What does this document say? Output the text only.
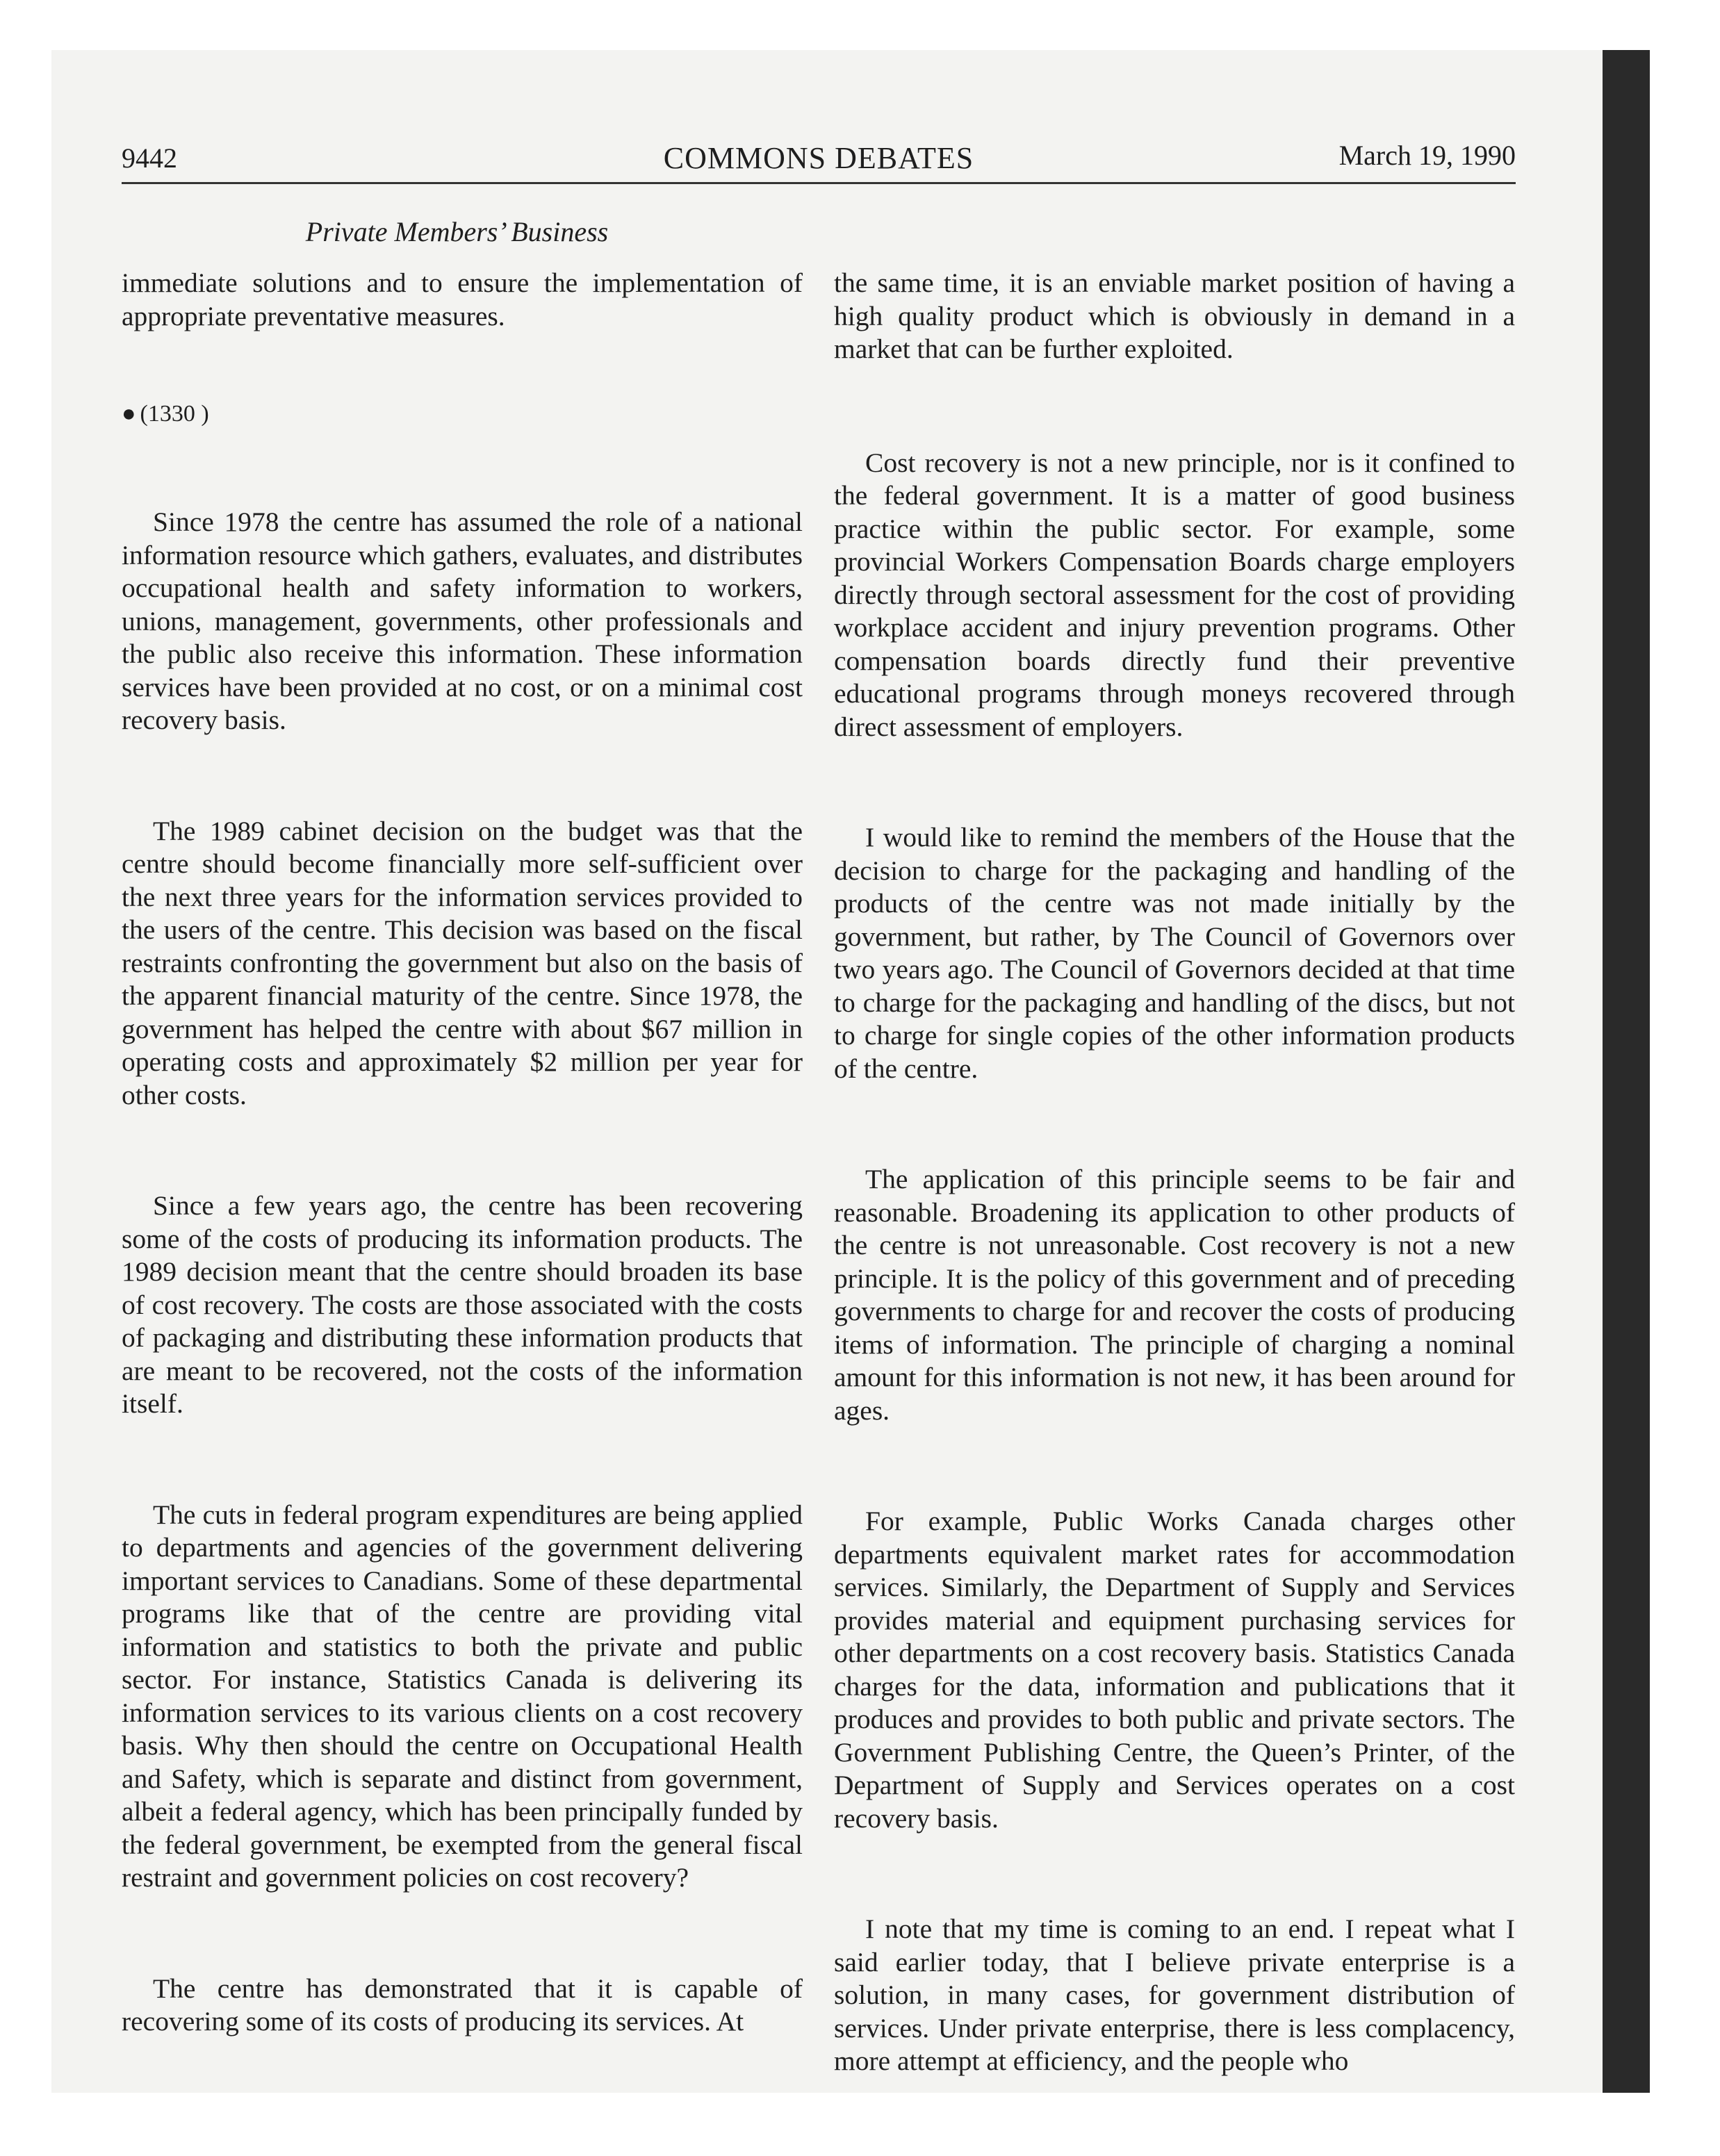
9442	COMMONS DEBATES	March 19, 1990
Private Members’ Business

immediate solutions and to ensure the implementation of appropriate preventative measures.

● (1330 )

Since 1978 the centre has assumed the role of a national information resource which gathers, evaluates, and distributes occupational health and safety information to workers, unions, management, governments, other professionals and the public also receive this information. These information services have been provided at no cost, or on a minimal cost recovery basis.

The 1989 cabinet decision on the budget was that the centre should become financially more self-sufficient over the next three years for the information services provided to the users of the centre. This decision was based on the fiscal restraints confronting the government but also on the basis of the apparent financial maturity of the centre. Since 1978, the government has helped the centre with about $67 million in operating costs and approximately $2 million per year for other costs.

Since a few years ago, the centre has been recovering some of the costs of producing its information products. The 1989 decision meant that the centre should broaden its base of cost recovery. The costs are those associated with the costs of packaging and distributing these information products that are meant to be recovered, not the costs of the information itself.

The cuts in federal program expenditures are being applied to departments and agencies of the government delivering important services to Canadians. Some of these departmental programs like that of the centre are providing vital information and statistics to both the private and public sector. For instance, Statistics Canada is delivering its information services to its various clients on a cost recovery basis. Why then should the centre on Occupational Health and Safety, which is separate and distinct from government, albeit a federal agency, which has been principally funded by the federal government, be exempted from the general fiscal restraint and government policies on cost recovery?

The centre has demonstrated that it is capable of recovering some of its costs of producing its services. At

the same time, it is an enviable market position of having a high quality product which is obviously in demand in a market that can be further exploited.

Cost recovery is not a new principle, nor is it confined to the federal government. It is a matter of good business practice within the public sector. For example, some provincial Workers Compensation Boards charge employers directly through sectoral assessment for the cost of providing workplace accident and injury prevention programs. Other compensation boards directly fund their preventive educational programs through moneys recovered through direct assessment of employers.

I would like to remind the members of the House that the decision to charge for the packaging and handling of the products of the centre was not made initially by the government, but rather, by The Council of Governors over two years ago. The Council of Governors decided at that time to charge for the packaging and handling of the discs, but not to charge for single copies of the other information products of the centre.

The application of this principle seems to be fair and reasonable. Broadening its application to other products of the centre is not unreasonable. Cost recovery is not a new principle. It is the policy of this government and of preceding governments to charge for and recover the costs of producing items of information. The principle of charging a nominal amount for this information is not new, it has been around for ages.

For example, Public Works Canada charges other departments equivalent market rates for accommodation services. Similarly, the Department of Supply and Services provides material and equipment purchasing services for other departments on a cost recovery basis. Statistics Canada charges for the data, information and publications that it produces and provides to both public and private sectors. The Government Publishing Centre, the Queen’s Printer, of the Department of Supply and Services operates on a cost recovery basis.

I note that my time is coming to an end. I repeat what I said earlier today, that I believe private enterprise is a solution, in many cases, for government distribution of services. Under private enterprise, there is less complacency, more attempt at efficiency, and the people who
